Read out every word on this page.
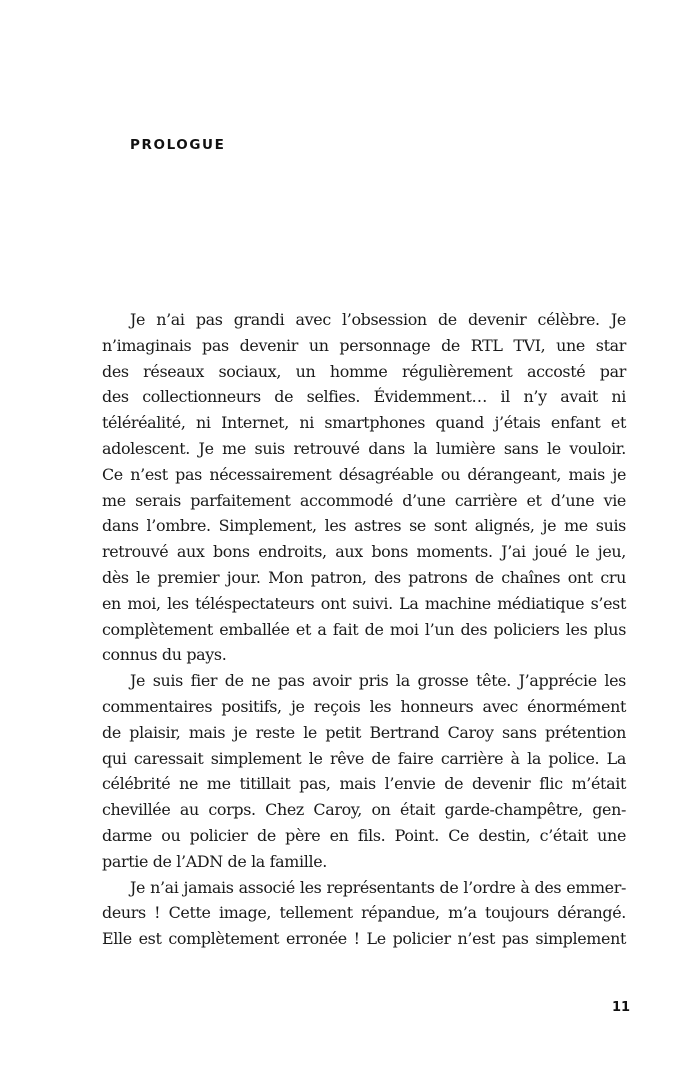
PROLOGUE
Je n’ai pas grandi avec l’obsession de devenir célèbre. Je
n’imaginais pas devenir un personnage de RTL TVI, une star
des réseaux sociaux, un homme régulièrement accosté par
des collectionneurs de selfies. Évidemment… il n’y avait ni
téléréalité, ni Internet, ni smartphones quand j’étais enfant et
adolescent. Je me suis retrouvé dans la lumière sans le vouloir.
Ce n’est pas nécessairement désagréable ou dérangeant, mais je
me serais parfaitement accommodé d’une carrière et d’une vie
dans l’ombre. Simplement, les astres se sont alignés, je me suis
retrouvé aux bons endroits, aux bons moments. J’ai joué le jeu,
dès le premier jour. Mon patron, des patrons de chaînes ont cru
en moi, les téléspectateurs ont suivi. La machine médiatique s’est
complètement emballée et a fait de moi l’un des policiers les plus
connus du pays.
Je suis fier de ne pas avoir pris la grosse tête. J’apprécie les
commentaires positifs, je reçois les honneurs avec énormément
de plaisir, mais je reste le petit Bertrand Caroy sans prétention
qui caressait simplement le rêve de faire carrière à la police. La
célébrité ne me titillait pas, mais l’envie de devenir flic m’était
chevillée au corps. Chez Caroy, on était garde-champêtre, gen-
darme ou policier de père en fils. Point. Ce destin, c’était une
partie de l’ADN de la famille.
Je n’ai jamais associé les représentants de l’ordre à des emmer-
deurs ! Cette image, tellement répandue, m’a toujours dérangé.
Elle est complètement erronée ! Le policier n’est pas simplement
11
